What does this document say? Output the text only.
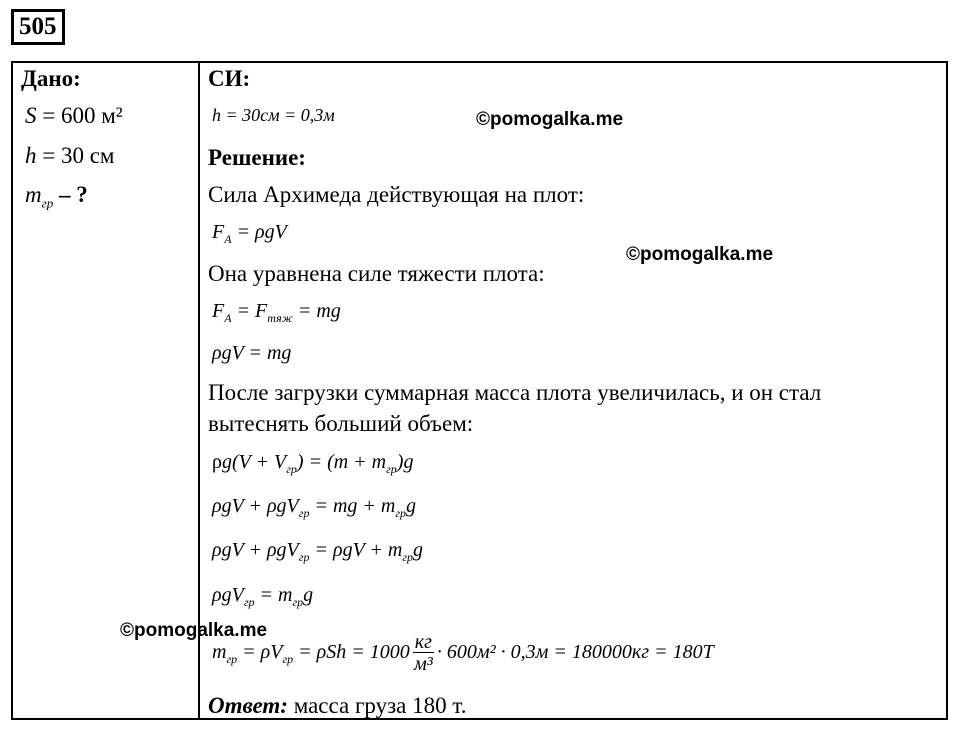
505
Дано:
S = 600 м²
h = 30 см
$m_{гр}$ – ?
СИ:
h = 30см = 0,3м
Решение:
Сила Архимеда действующая на плот:
$F_A = \rho gV$
Она уравнена силе тяжести плота:
$F_A = F_{тяж}$ = mg
ρgV = mg
После загрузки суммарная масса плота увеличилась, и он стал
вытеснять больший объем:
$\rho g(V + V_{гр}) = (m + m_{гр})g$
ρgV + ρgV$_{гр}$ = mg + $m_{гр}g$
$\rho gV + \rho gV_{гр} = \rho gV + m_{гр}g$
$\rho gV_{гр} = m_{гр}g$
$m_{гр} = \rho V_{гр} = \rho Sh = 1000 \frac{кг}{\text{м³}} \cdot 600м^2 \cdot 0,3м = 180000кг = 180Т$
Ответ: масса груза 180 т.
©pomogalka.me
©pomogalka.me
©pomogalka.me
